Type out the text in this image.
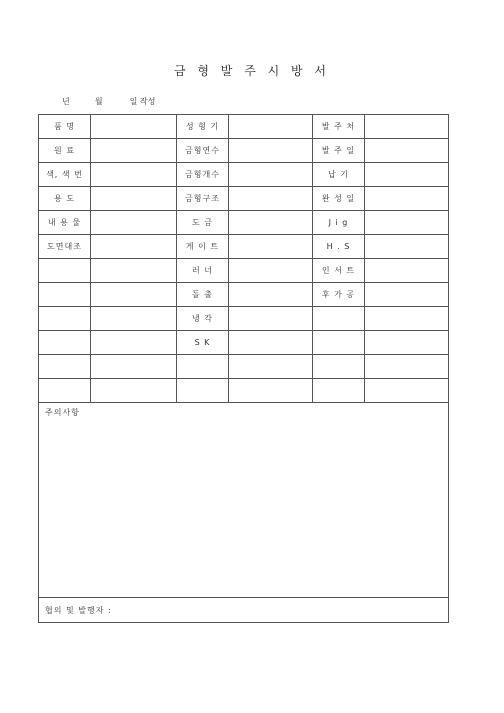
금 형 발 주 시 방 서
년	월	일 작성
품 명		성 형 기		발 주 처	
원 료		금형연수		발 주 일	
색, 색 번		금형개수		납 기	
용 도		금형구조		완 성 일	
내 용 물		도 금		J i g	
도면대조		게 이 트		H . S	
		러 너		인 서 트	
		돌 출		후 가 공	
		냉 각			
		S K			

주의사항					
협의 및 발행자 :					
